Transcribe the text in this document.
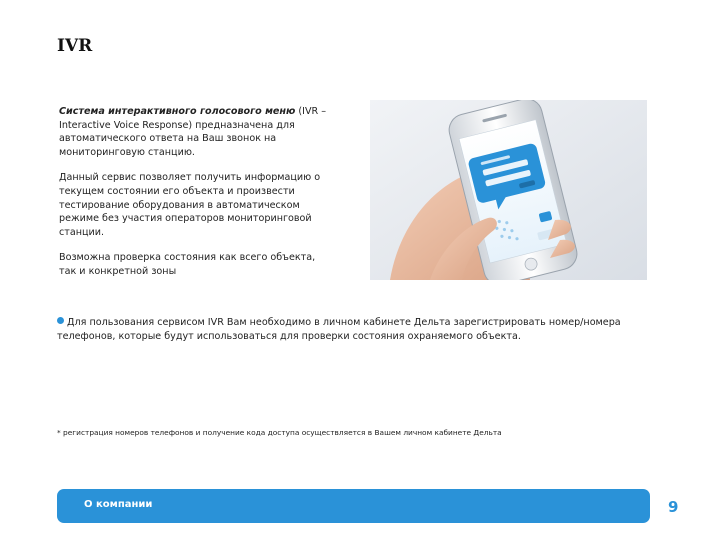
IVR

Система интерактивного голосового меню (IVR – Interactive Voice Response) предназначена для автоматического ответа на Ваш звонок на мониторинговую станцию.

Данный сервис позволяет получить информацию о текущем состоянии его объекта и произвести тестирование оборудования в автоматическом режиме без участия операторов мониторинговой станции.

Возможна проверка состояния как всего объекта, так и конкретной зоны

Для пользования сервисом IVR Вам необходимо в личном кабинете Дельта зарегистрировать номер/номера телефонов, которые будут использоваться для проверки состояния охраняемого объекта.
* регистрация номеров телефонов и получение кода доступа осуществляется в Вашем личном кабинете Дельта
О компании	9
